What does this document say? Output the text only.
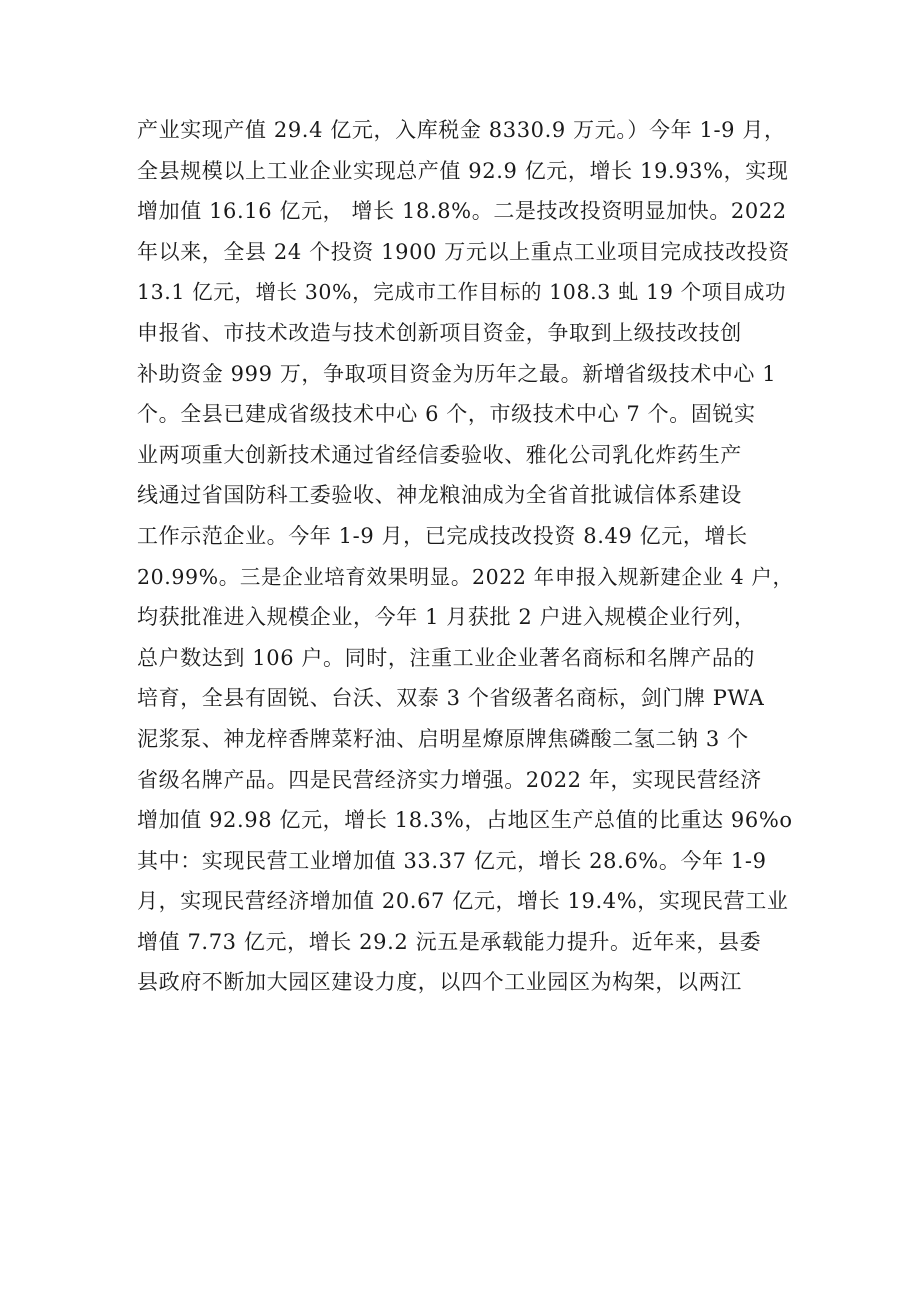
产业实现产值 29.4 亿元，入库税金 8330.9 万元。）今年 1-9 月，
全县规模以上工业企业实现总产值 92.9 亿元，增长 19.93%，实现
增加值 16.16 亿元， 增长 18.8%。二是技改投资明显加快。2022
年以来，全县 24 个投资 1900 万元以上重点工业项目完成技改投资
13.1 亿元，增长 30%，完成市工作目标的 108.3 虬 19 个项目成功
申报省、市技术改造与技术创新项目资金，争取到上级技改技创
补助资金 999 万，争取项目资金为历年之最。新增省级技术中心 1
个。全县已建成省级技术中心 6 个，市级技术中心 7 个。固锐实
业两项重大创新技术通过省经信委验收、雅化公司乳化炸药生产
线通过省国防科工委验收、神龙粮油成为全省首批诚信体系建设
工作示范企业。今年 1-9 月，已完成技改投资 8.49 亿元，增长
20.99%。三是企业培育效果明显。2022 年申报入规新建企业 4 户，
均获批准进入规模企业，今年 1 月获批 2 户进入规模企业行列，
总户数达到 106 户。同时，注重工业企业著名商标和名牌产品的
培育，全县有固锐、台沃、双泰 3 个省级著名商标，剑门牌 PWA
泥浆泵、神龙梓香牌菜籽油、启明星燎原牌焦磷酸二氢二钠 3 个
省级名牌产品。四是民营经济实力增强。2022 年，实现民营经济
增加值 92.98 亿元，增长 18.3%，占地区生产总值的比重达 96%o
其中：实现民营工业增加值 33.37 亿元，增长 28.6%。今年 1-9
月，实现民营经济增加值 20.67 亿元，增长 19.4%，实现民营工业
增值 7.73 亿元，增长 29.2 沅五是承载能力提升。近年来，县委
县政府不断加大园区建设力度，以四个工业园区为构架，以两江
